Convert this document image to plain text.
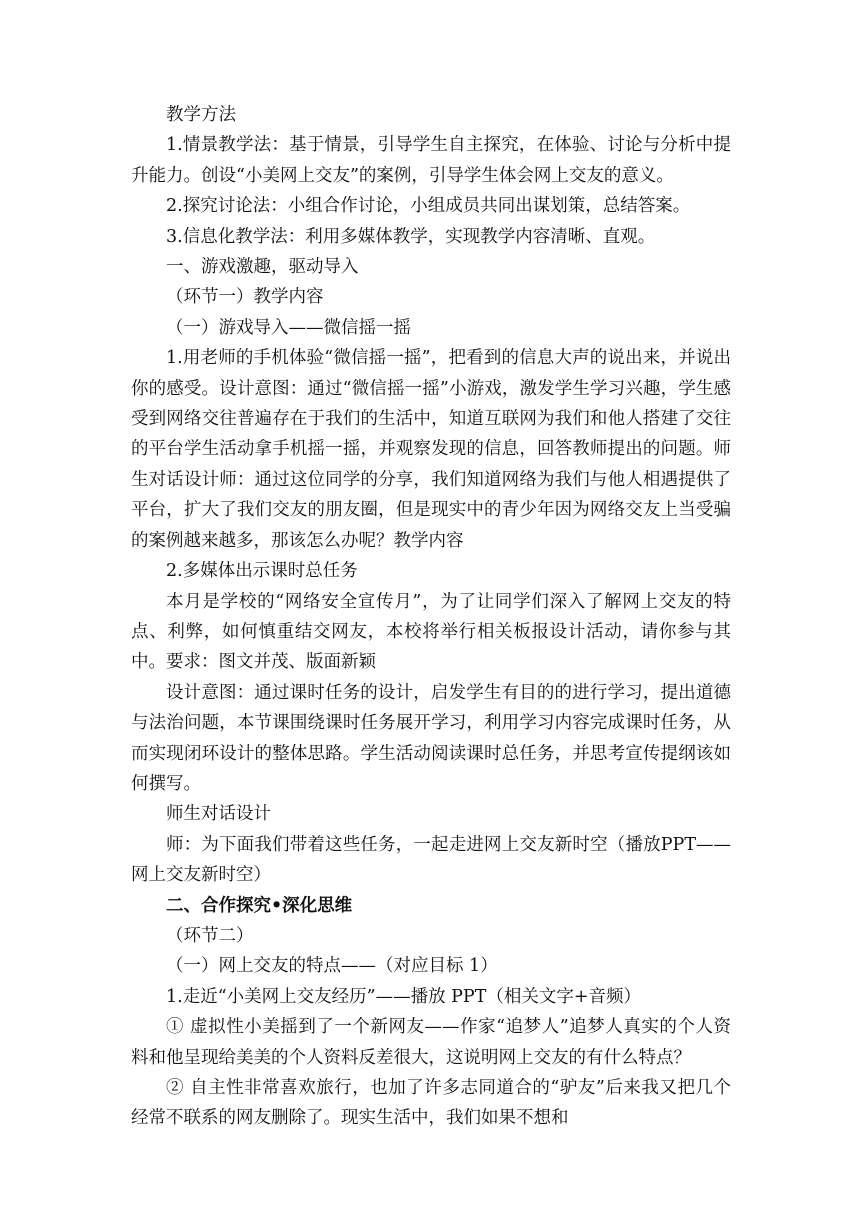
教学方法

1.情景教学法：基于情景，引导学生自主探究，在体验、讨论与分析中提升能力。创设“小美网上交友”的案例，引导学生体会网上交友的意义。

2.探究讨论法：小组合作讨论，小组成员共同出谋划策，总结答案。

3.信息化教学法：利用多媒体教学，实现教学内容清晰、直观。

一、游戏激趣，驱动导入

（环节一）教学内容

（一）游戏导入——微信摇一摇

1.用老师的手机体验“微信摇一摇”，把看到的信息大声的说出来，并说出你的感受。设计意图：通过“微信摇一摇”小游戏，激发学生学习兴趣，学生感受到网络交往普遍存在于我们的生活中，知道互联网为我们和他人搭建了交往的平台学生活动拿手机摇一摇，并观察发现的信息，回答教师提出的问题。师生对话设计师：通过这位同学的分享，我们知道网络为我们与他人相遇提供了平台，扩大了我们交友的朋友圈，但是现实中的青少年因为网络交友上当受骗的案例越来越多，那该怎么办呢？教学内容

2.多媒体出示课时总任务

本月是学校的“网络安全宣传月”，为了让同学们深入了解网上交友的特点、利弊，如何慎重结交网友，本校将举行相关板报设计活动，请你参与其中。要求：图文并茂、版面新颖

设计意图：通过课时任务的设计，启发学生有目的的进行学习，提出道德与法治问题，本节课围绕课时任务展开学习，利用学习内容完成课时任务，从而实现闭环设计的整体思路。学生活动阅读课时总任务，并思考宣传提纲该如何撰写。

师生对话设计

师：为下面我们带着这些任务，一起走进网上交友新时空（播放PPT——网上交友新时空）

二、合作探究•深化思维

（环节二）

（一）网上交友的特点——（对应目标 1）

1.走近“小美网上交友经历”——播放 PPT（相关文字+音频）

① 虚拟性小美摇到了一个新网友——作家“追梦人”追梦人真实的个人资料和他呈现给美美的个人资料反差很大，这说明网上交友的有什么特点？

② 自主性非常喜欢旅行，也加了许多志同道合的“驴友”后来我又把几个经常不联系的网友删除了。现实生活中，我们如果不想和
